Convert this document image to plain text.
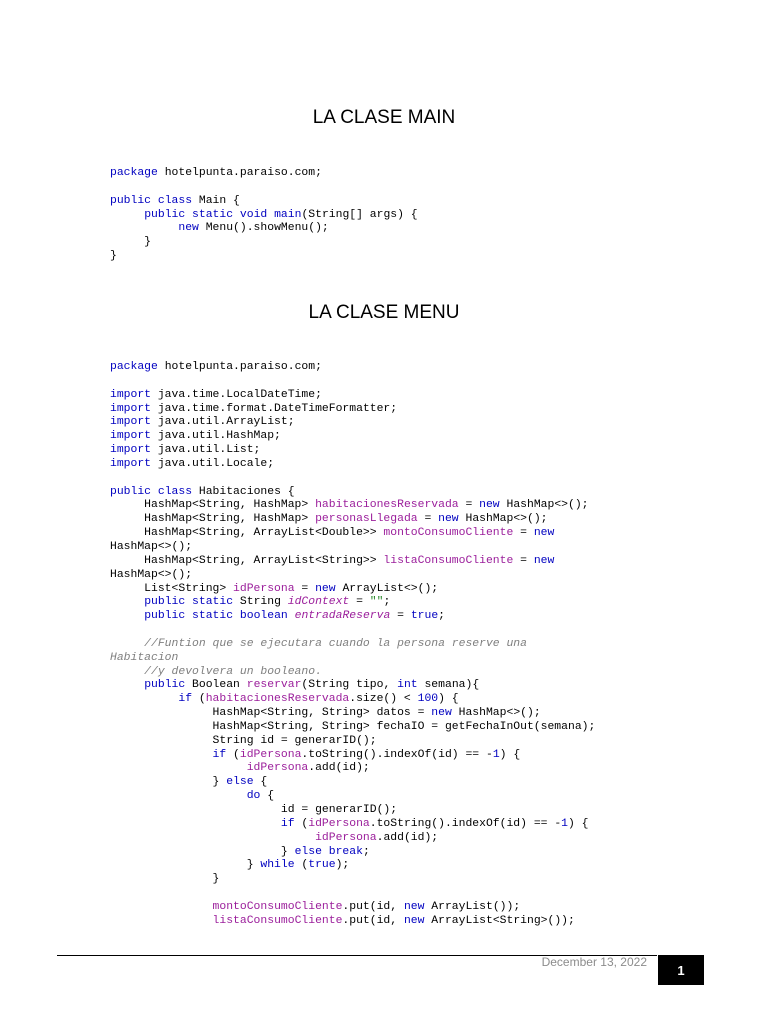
LA CLASE MAIN
package hotelpunta.paraiso.com;

public class Main {
public static void main(String[] args) {
new Menu().showMenu();
}
}
LA CLASE MENU
package hotelpunta.paraiso.com;

import java.time.LocalDateTime;
import java.time.format.DateTimeFormatter;
import java.util.ArrayList;
import java.util.HashMap;
import java.util.List;
import java.util.Locale;

public class Habitaciones {
HashMap<String, HashMap> habitacionesReservada = new HashMap<>();
HashMap<String, HashMap> personasLlegada = new HashMap<>();
HashMap<String, ArrayList<Double>> montoConsumoCliente = new
HashMap<>();
HashMap<String, ArrayList<String>> listaConsumoCliente = new
HashMap<>();
List<String> idPersona = new ArrayList<>();
public static String idContext = "";
public static boolean entradaReserva = true;

//Funtion que se ejecutara cuando la persona reserve una
Habitacion
//y devolvera un booleano.
public Boolean reservar(String tipo, int semana){
if (habitacionesReservada.size() < 100) {
HashMap<String, String> datos = new HashMap<>();
HashMap<String, String> fechaIO = getFechaInOut(semana);
String id = generarID();
if (idPersona.toString().indexOf(id) == -1) {
idPersona.add(id);
} else {
do {
id = generarID();
if (idPersona.toString().indexOf(id) == -1) {
idPersona.add(id);
} else break;
} while (true);
}

montoConsumoCliente.put(id, new ArrayList());
listaConsumoCliente.put(id, new ArrayList<String>());
December 13, 2022
1
